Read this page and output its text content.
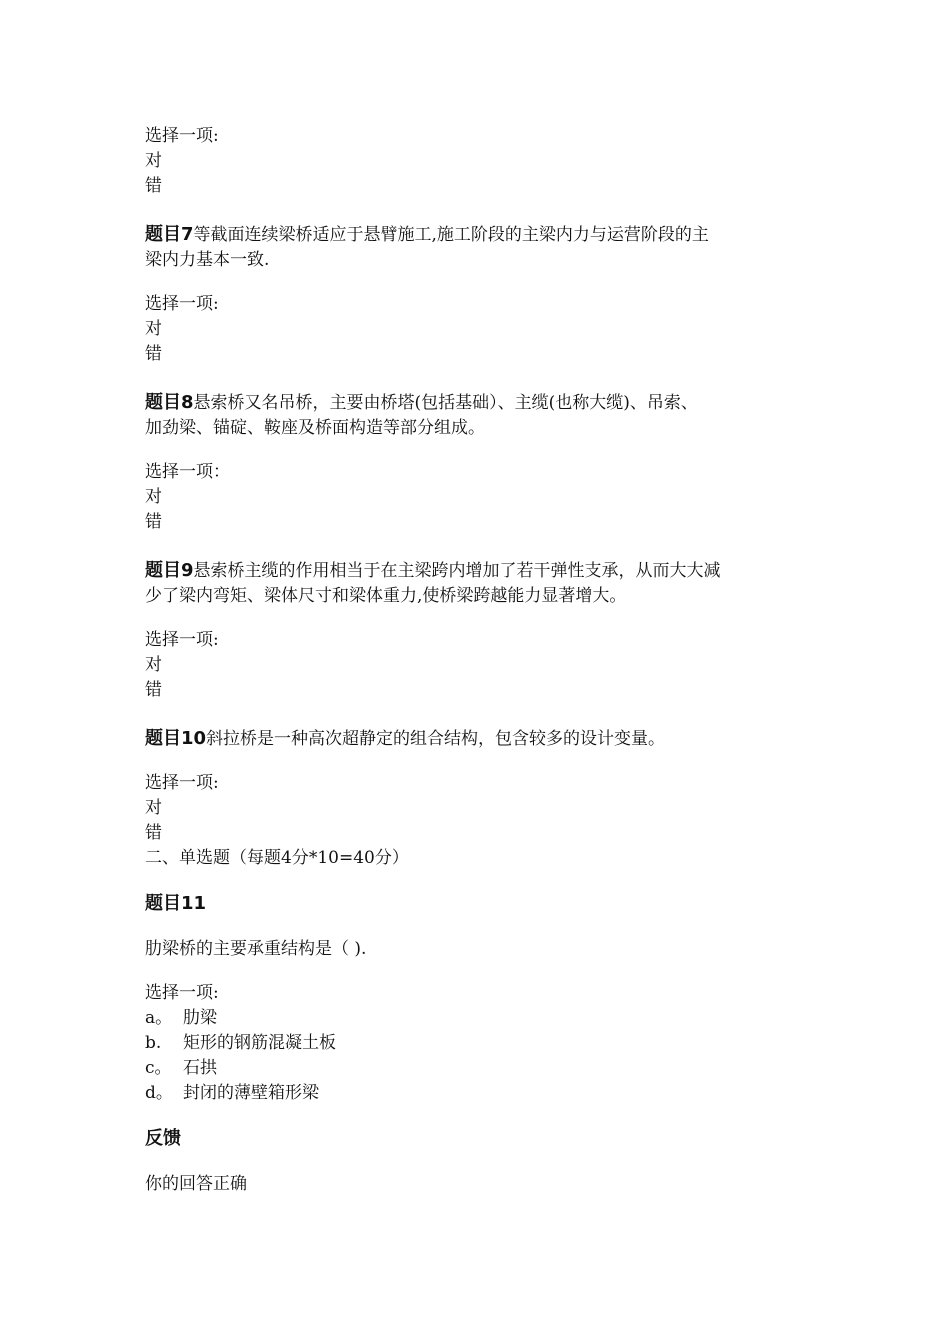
选择一项:
对
错
题目7等截面连续梁桥适应于悬臂施工,施工阶段的主梁内力与运营阶段的主
梁内力基本一致.
选择一项:
对
错
题目8悬索桥又名吊桥，主要由桥塔(包括基础）、主缆(也称大缆)、吊索、
加劲梁、锚碇、鞍座及桥面构造等部分组成。
选择一项：
对
错
题目9悬索桥主缆的作用相当于在主梁跨内增加了若干弹性支承，从而大大减
少了梁内弯矩、梁体尺寸和梁体重力,使桥梁跨越能力显著增大。
选择一项:
对
错
题目10斜拉桥是一种高次超静定的组合结构，包含较多的设计变量。
选择一项:
对
错
二、单选题（每题4分*10=40分）
题目11
肋梁桥的主要承重结构是（ ).
选择一项:
a。 肋梁
b. 矩形的钢筋混凝土板
c。 石拱
d。 封闭的薄壁箱形梁
反馈
你的回答正确
